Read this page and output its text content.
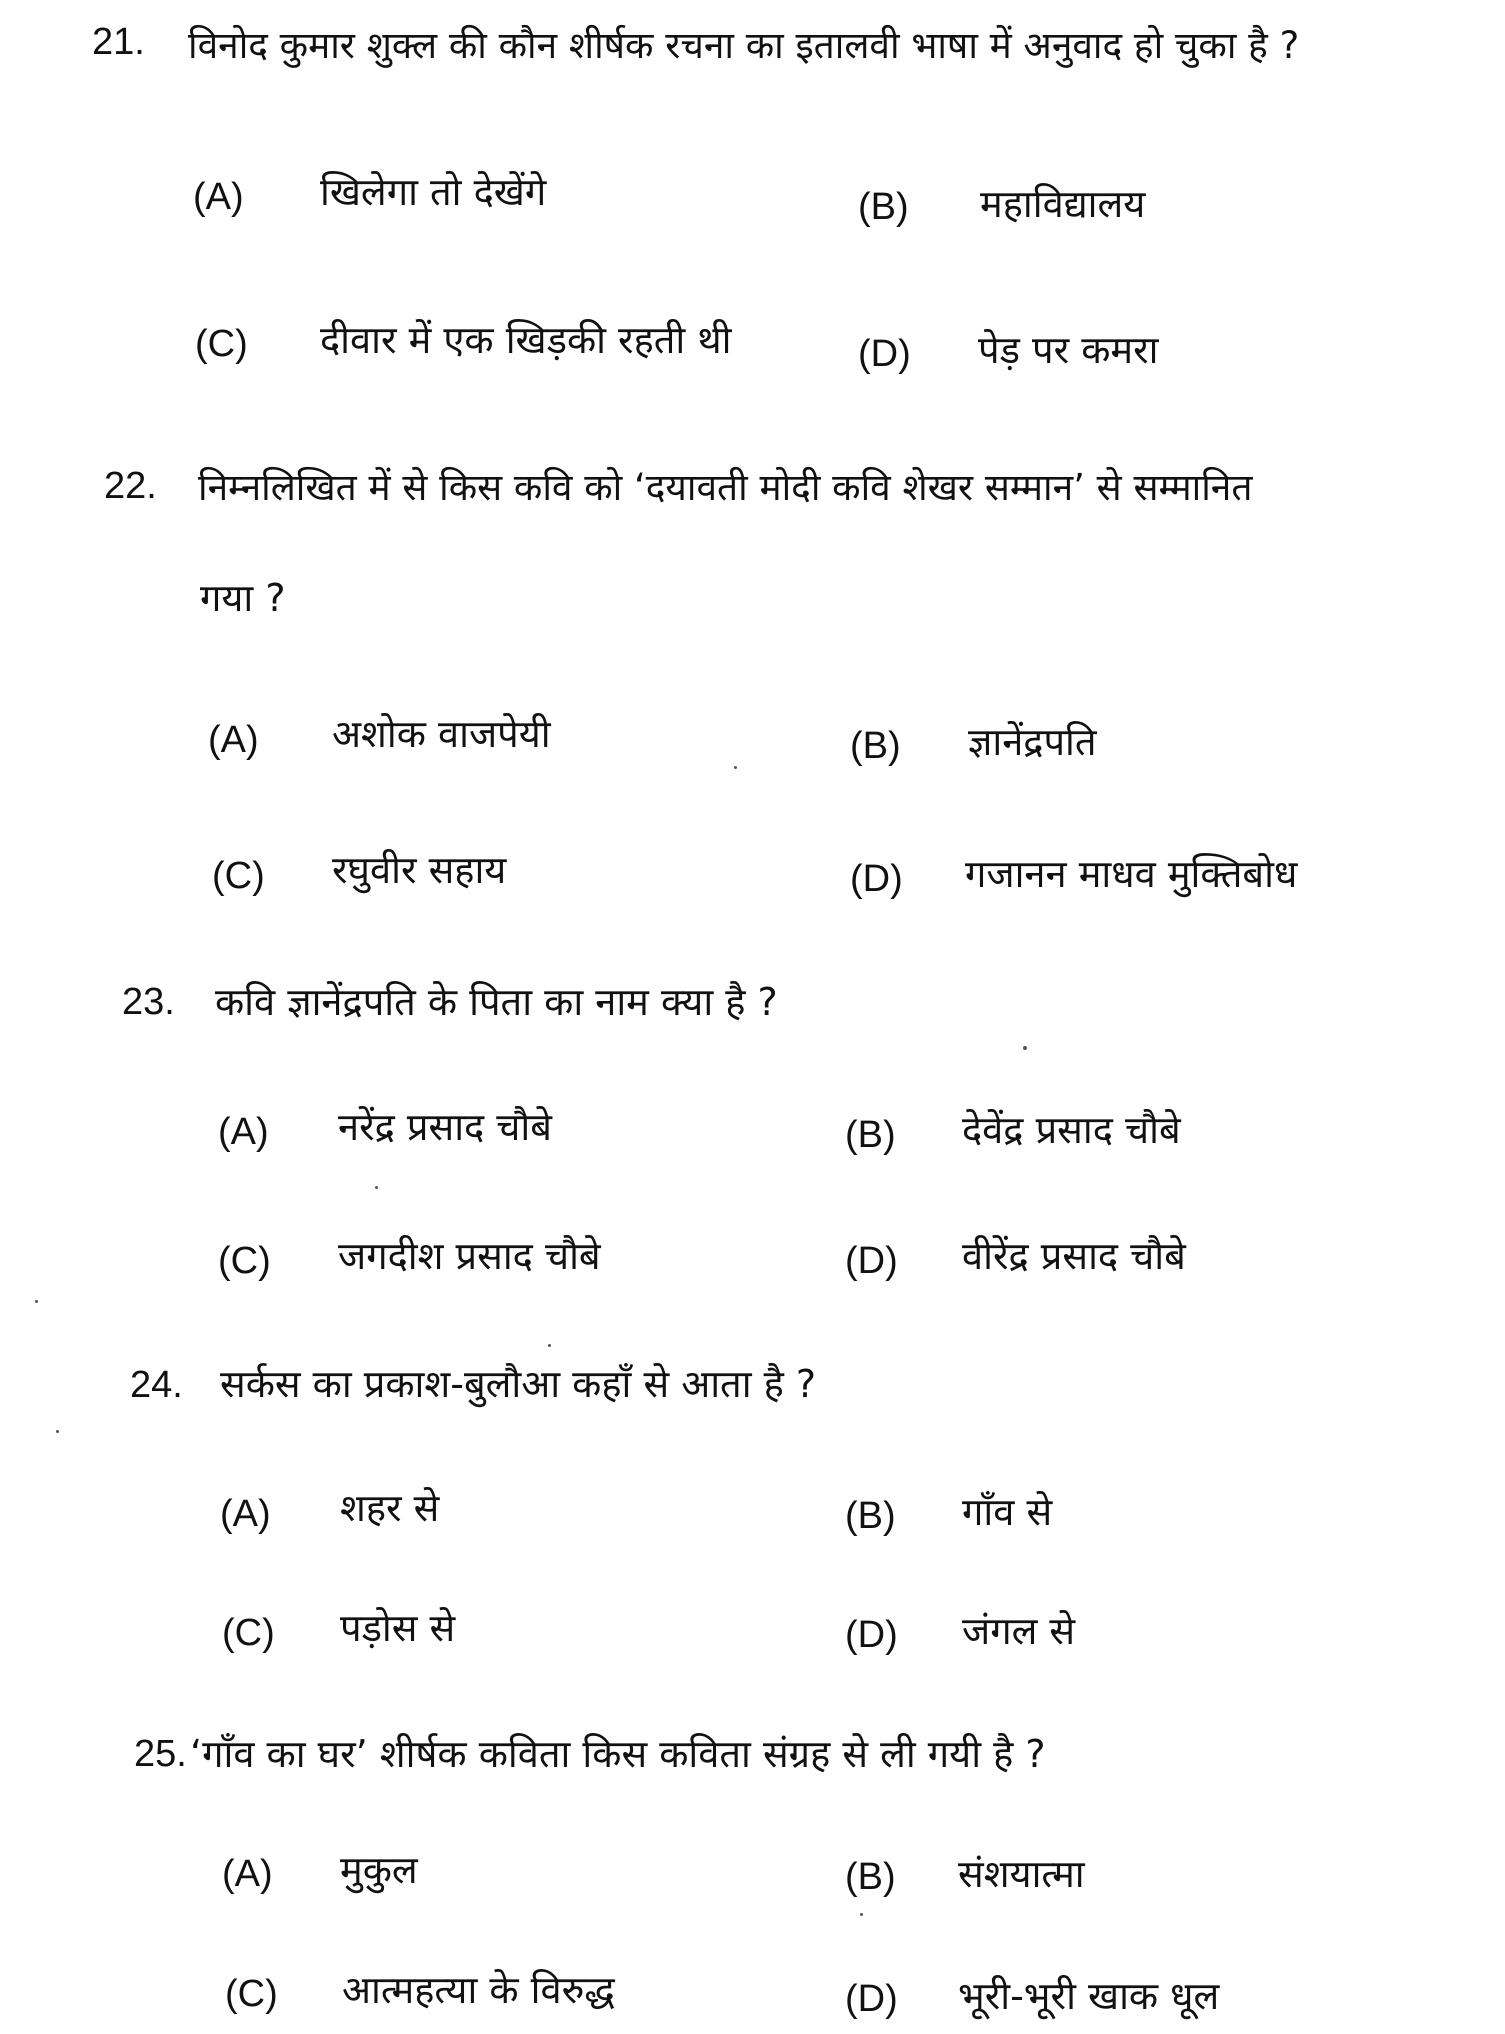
21. विनोद कुमार शुक्ल की कौन शीर्षक रचना का इतालवी भाषा में अनुवाद हो चुका है ?
(A) खिलेगा तो देखेंगे	(B) महाविद्यालय
(C) दीवार में एक खिड़की रहती थी	(D) पेड़ पर कमरा
22. निम्नलिखित में से किस कवि को ‘दयावती मोदी कवि शेखर सम्मान’ से सम्मानित
गया ?
(A) अशोक वाजपेयी	(B) ज्ञानेंद्रपति
(C) रघुवीर सहाय	(D) गजानन माधव मुक्तिबोध
23. कवि ज्ञानेंद्रपति के पिता का नाम क्या है ?
(A) नरेंद्र प्रसाद चौबे	(B) देवेंद्र प्रसाद चौबे
(C) जगदीश प्रसाद चौबे	(D) वीरेंद्र प्रसाद चौबे
24. सर्कस का प्रकाश-बुलौआ कहाँ से आता है ?
(A) शहर से	(B) गाँव से
(C) पड़ोस से	(D) जंगल से
25. ‘गाँव का घर’ शीर्षक कविता किस कविता संग्रह से ली गयी है ?
(A) मुकुल	(B) संशयात्मा
(C) आत्महत्या के विरुद्ध	(D) भूरी-भूरी खाक धूल
